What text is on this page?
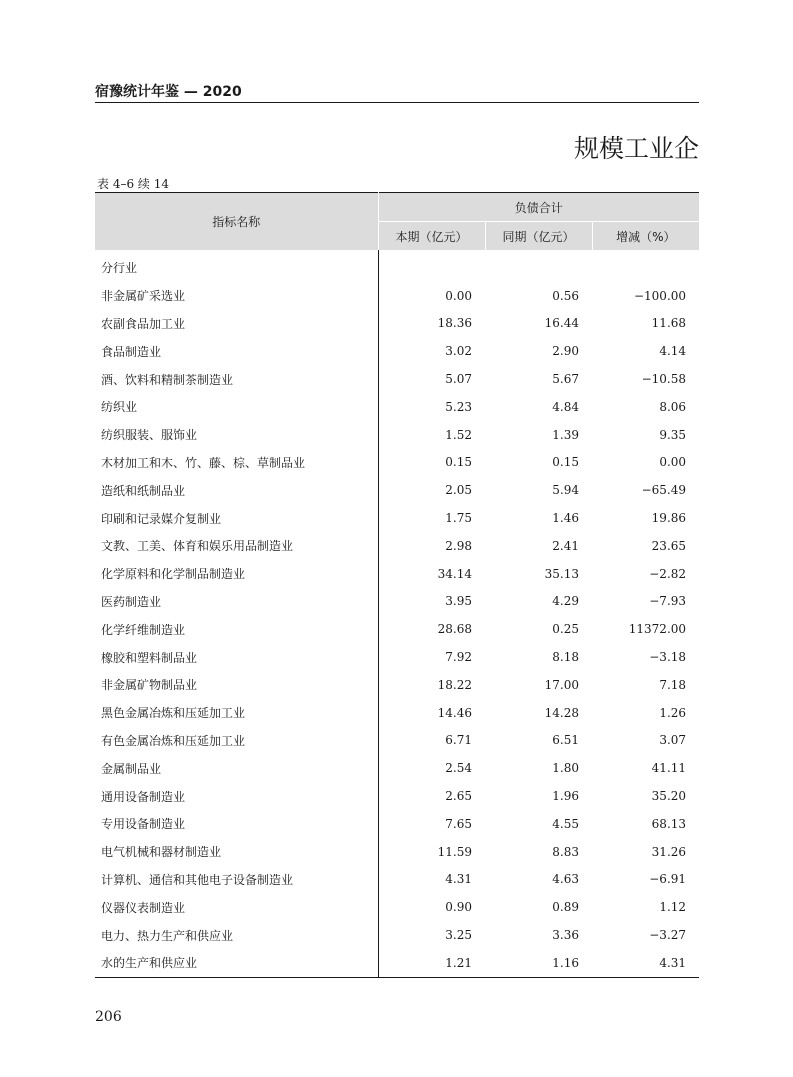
宿豫统计年鉴 — 2020
规模工业企
表 4–6 续 14
指标名称	负债合计		
	本期（亿元）	同期（亿元）	增减（%）
分行业			
非金属矿采选业	0.00	0.56	−100.00
农副食品加工业	18.36	16.44	11.68
食品制造业	3.02	2.90	4.14
酒、饮料和精制茶制造业	5.07	5.67	−10.58
纺织业	5.23	4.84	8.06
纺织服装、服饰业	1.52	1.39	9.35
木材加工和木、竹、藤、棕、草制品业	0.15	0.15	0.00
造纸和纸制品业	2.05	5.94	−65.49
印刷和记录媒介复制业	1.75	1.46	19.86
文教、工美、体育和娱乐用品制造业	2.98	2.41	23.65
化学原料和化学制品制造业	34.14	35.13	−2.82
医药制造业	3.95	4.29	−7.93
化学纤维制造业	28.68	0.25	11372.00
橡胶和塑料制品业	7.92	8.18	−3.18
非金属矿物制品业	18.22	17.00	7.18
黑色金属冶炼和压延加工业	14.46	14.28	1.26
有色金属冶炼和压延加工业	6.71	6.51	3.07
金属制品业	2.54	1.80	41.11
通用设备制造业	2.65	1.96	35.20
专用设备制造业	7.65	4.55	68.13
电气机械和器材制造业	11.59	8.83	31.26
计算机、通信和其他电子设备制造业	4.31	4.63	−6.91
仪器仪表制造业	0.90	0.89	1.12
电力、热力生产和供应业	3.25	3.36	−3.27
水的生产和供应业	1.21	1.16	4.31
206
